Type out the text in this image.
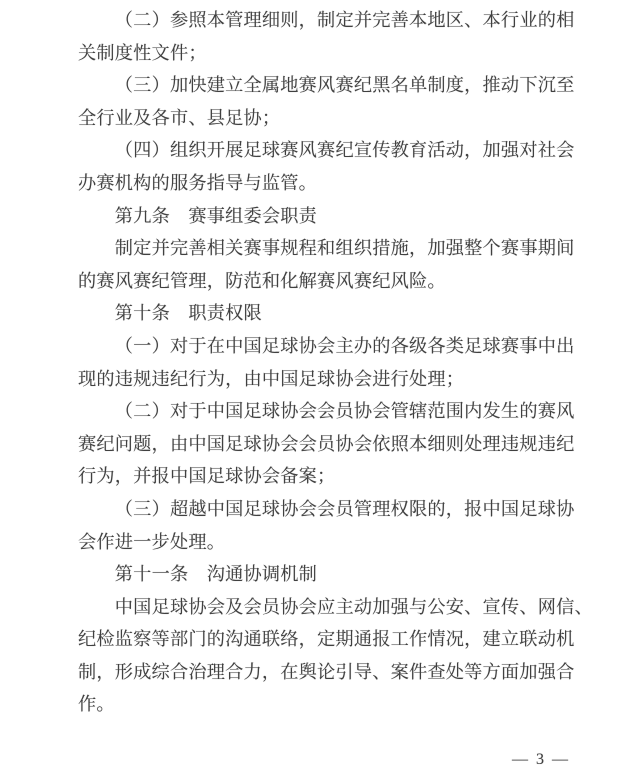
（二）参照本管理细则，制定并完善本地区、本行业的相
关制度性文件；
（三）加快建立全属地赛风赛纪黑名单制度，推动下沉至
全行业及各市、县足协；
（四）组织开展足球赛风赛纪宣传教育活动，加强对社会
办赛机构的服务指导与监管。
第九条　赛事组委会职责
制定并完善相关赛事规程和组织措施，加强整个赛事期间
的赛风赛纪管理，防范和化解赛风赛纪风险。
第十条　职责权限
（一）对于在中国足球协会主办的各级各类足球赛事中出
现的违规违纪行为，由中国足球协会进行处理；
（二）对于中国足球协会会员协会管辖范围内发生的赛风
赛纪问题，由中国足球协会会员协会依照本细则处理违规违纪
行为，并报中国足球协会备案；
（三）超越中国足球协会会员管理权限的，报中国足球协
会作进一步处理。
第十一条　沟通协调机制
中国足球协会及会员协会应主动加强与公安、宣传、网信、
纪检监察等部门的沟通联络，定期通报工作情况，建立联动机
制，形成综合治理合力，在舆论引导、案件查处等方面加强合
作。
— 3 —
